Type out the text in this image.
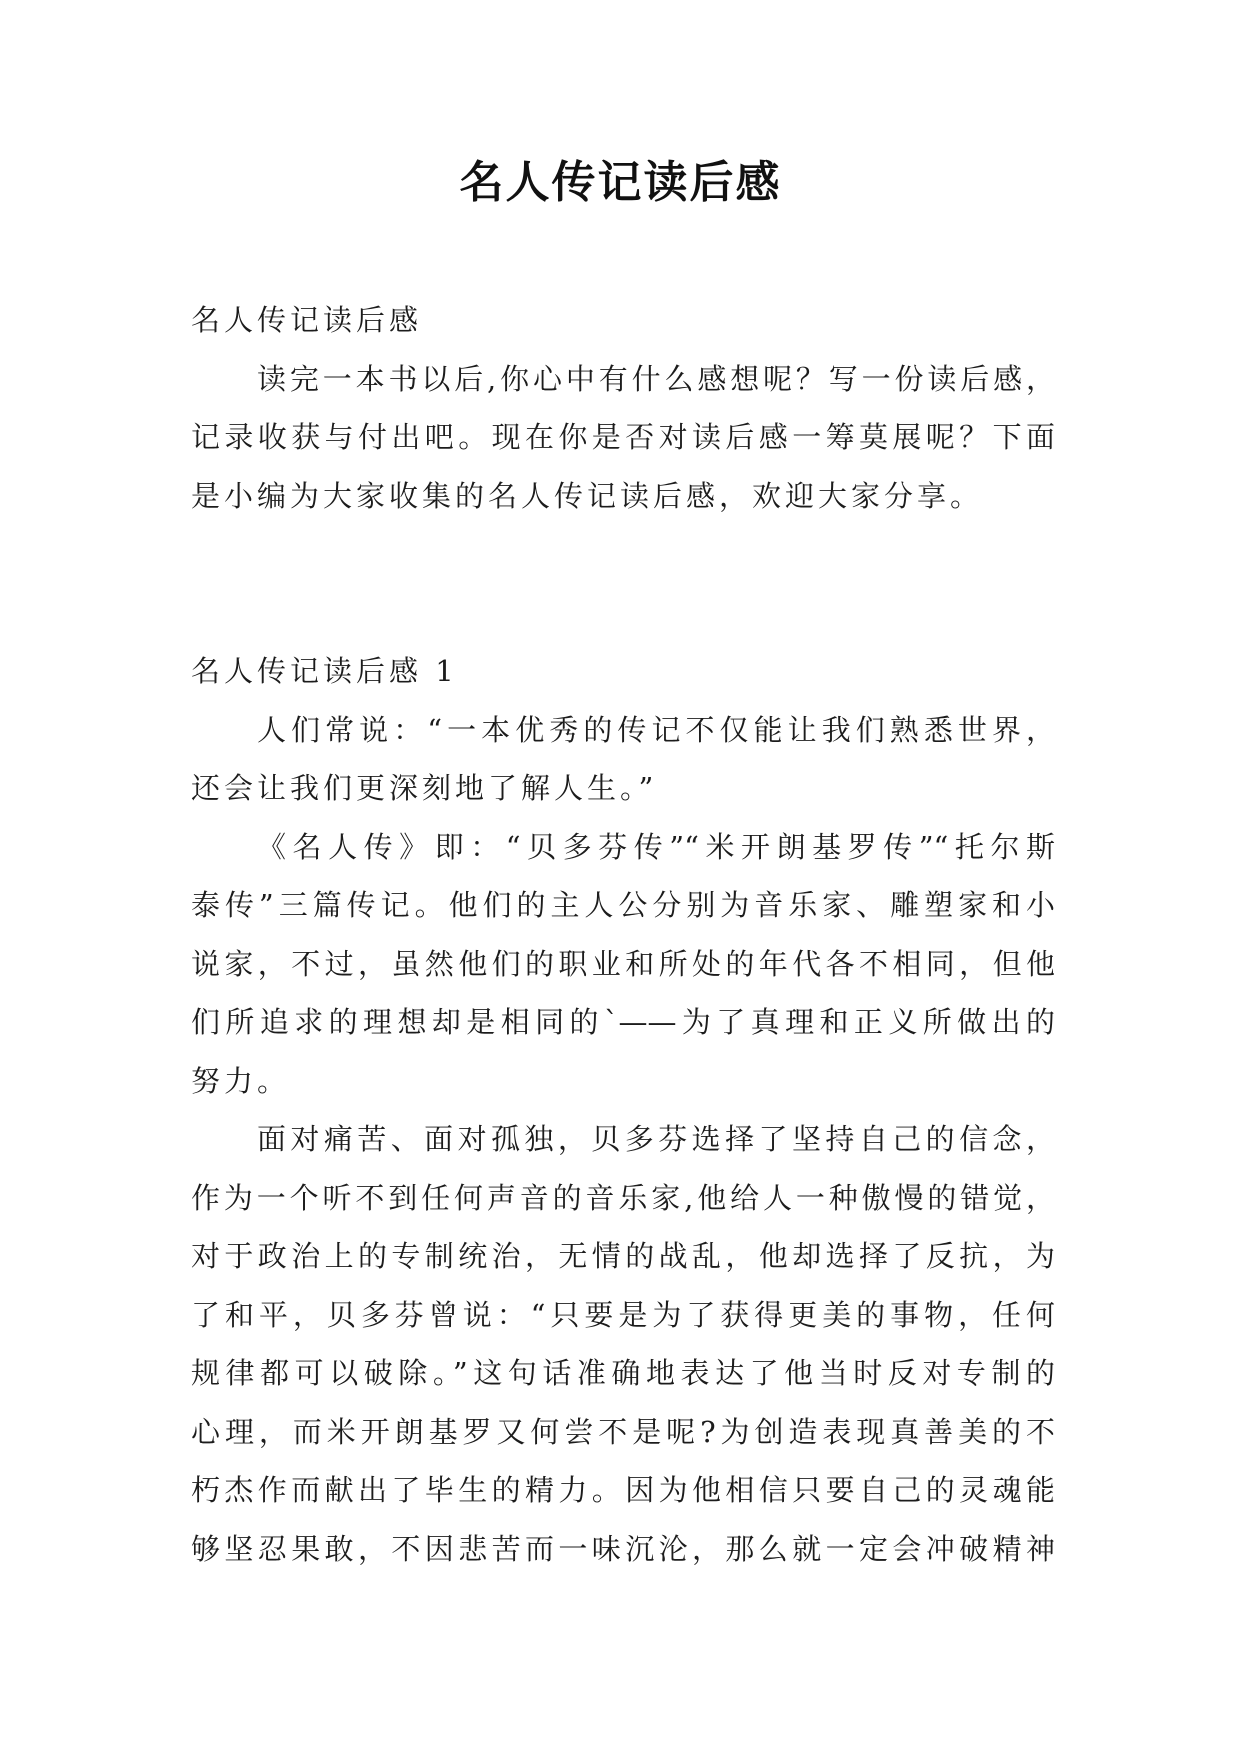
名人传记读后感
名人传记读后感
读完一本书以后,你心中有什么感想呢？写一份读后感，
记录收获与付出吧。现在你是否对读后感一筹莫展呢？下面
是小编为大家收集的名人传记读后感，欢迎大家分享。
名人传记读后感 1
人们常说：“一本优秀的传记不仅能让我们熟悉世界，
还会让我们更深刻地了解人生。”
《名人传》即：“贝多芬传”“米开朗基罗传”“托尔斯
泰传”三篇传记。他们的主人公分别为音乐家、雕塑家和小
说家，不过，虽然他们的职业和所处的年代各不相同，但他
们所追求的理想却是相同的`——为了真理和正义所做出的
努力。
面对痛苦、面对孤独，贝多芬选择了坚持自己的信念，
作为一个听不到任何声音的音乐家,他给人一种傲慢的错觉，
对于政治上的专制统治，无情的战乱，他却选择了反抗，为
了和平，贝多芬曾说：“只要是为了获得更美的事物，任何
规律都可以破除。”这句话准确地表达了他当时反对专制的
心理，而米开朗基罗又何尝不是呢?为创造表现真善美的不
朽杰作而献出了毕生的精力。因为他相信只要自己的灵魂能
够坚忍果敢，不因悲苦而一味沉沦，那么就一定会冲破精神
